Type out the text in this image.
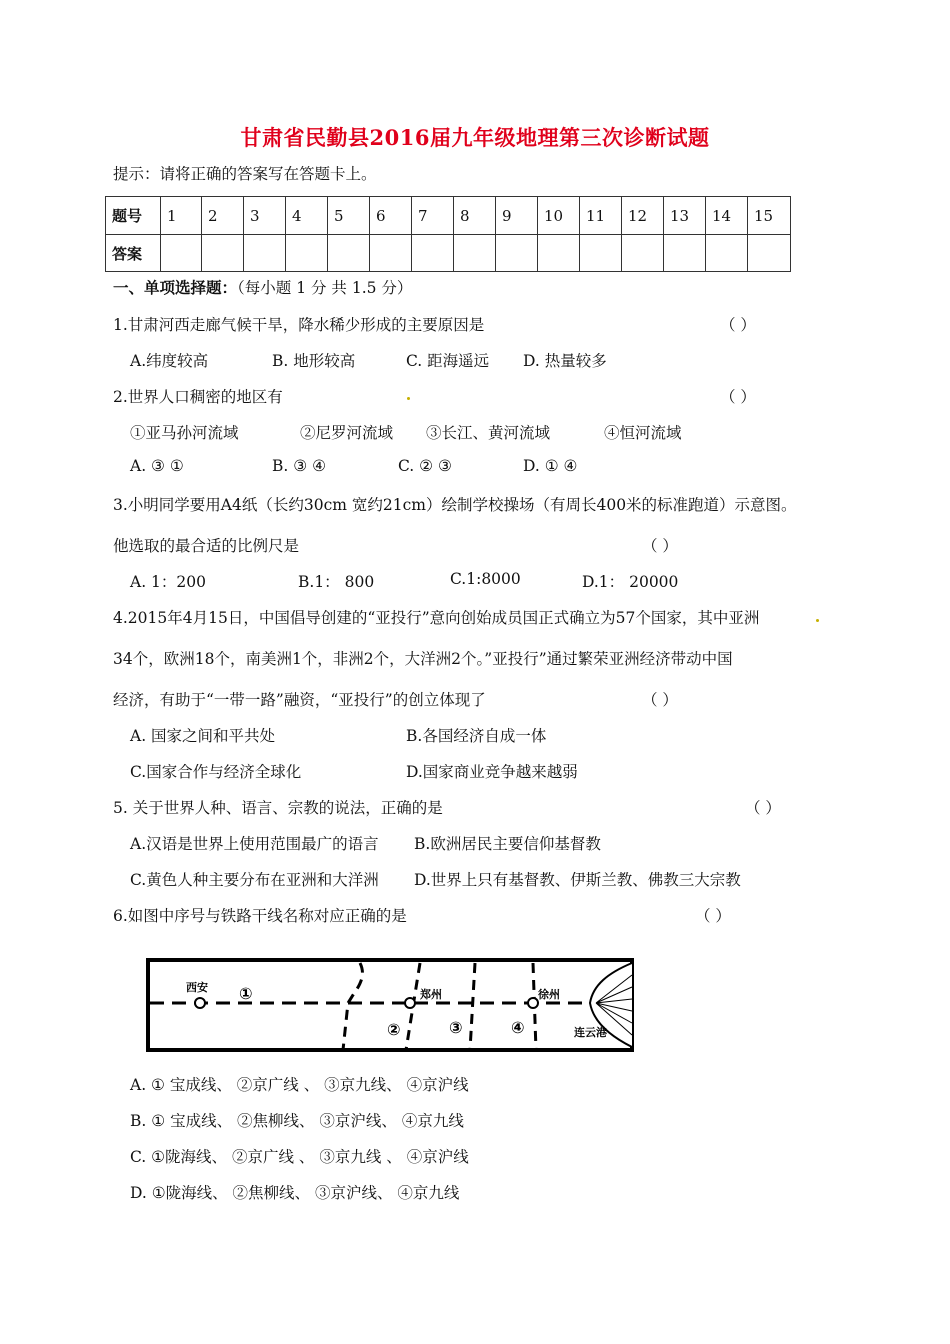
甘肃省民勤县2016届九年级地理第三次诊断试题
提示：请将正确的答案写在答题卡上。
题号	1	2	3	4	5	6	7	8	9	10	11	12	13	14	15
答案															
一、单项选择题：（每小题 1 分 共 1.5 分）
1.甘肃河西走廊气候干旱，降水稀少形成的主要原因是	（ ）
A.纬度较高	B. 地形较高	C. 距海遥远 D. 热量较多
2.世界人口稠密的地区有	（ ）
①亚马孙河流域	②尼罗河流域 ③长江、黄河流域	④恒河流域
A. ③ ①	B. ③ ④	C. ② ③	D. ① ④
3.小明同学要用A4纸（长约30cm 宽约21cm）绘制学校操场（有周长400米的标准跑道）示意图。
他选取的最合适的比例尺是	（ ）
A. 1：200	B.1： 800	C.1:8000	D.1： 20000
4.2015年4月15日，中国倡导创建的“亚投行”意向创始成员国正式确立为57个国家，其中亚洲
34个，欧洲18个，南美洲1个，非洲2个，大洋洲2个。”亚投行”通过繁荣亚洲经济带动中国
经济，有助于“一带一路”融资，“亚投行”的创立体现了	（ ）
A. 国家之间和平共处	B.各国经济自成一体
C.国家合作与经济全球化	D.国家商业竞争越来越弱
5. 关于世界人种、语言、宗教的说法，正确的是	（ ）
A.汉语是世界上使用范围最广的语言 B.欧洲居民主要信仰基督教
C.黄色人种主要分布在亚洲和大洋洲 D.世界上只有基督教、伊斯兰教、佛教三大宗教
6.如图中序号与铁路干线名称对应正确的是	（ ）
西安
郑州	徐州
连云港
①
②	③	④
A. ① 宝成线、 ②京广线 、 ③京九线、 ④京沪线
B. ① 宝成线、 ②焦柳线、 ③京沪线、 ④京九线
C. ①陇海线、 ②京广线 、 ③京九线 、 ④京沪线
D. ①陇海线、 ②焦柳线、 ③京沪线、 ④京九线
